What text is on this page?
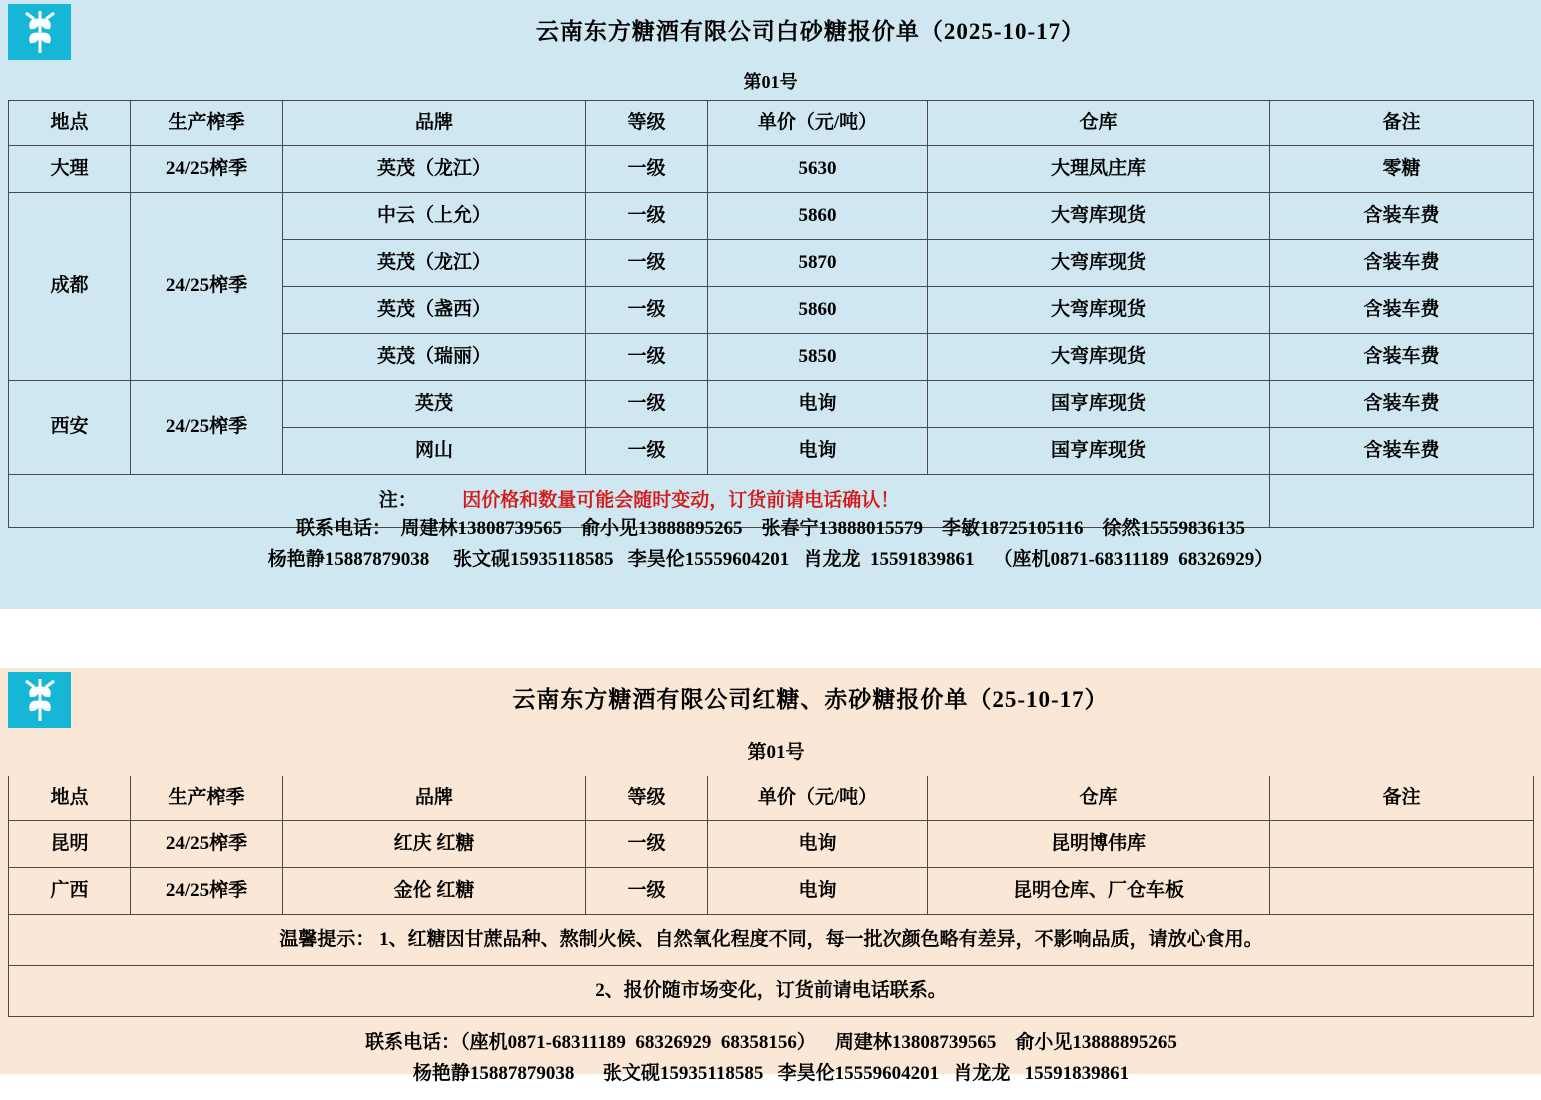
云南东方糖酒有限公司白砂糖报价单（2025-10-17）
第01号
地点	生产榨季	品牌	等级	单价（元/吨）	仓库	备注
大理	24/25榨季	英茂（龙江）	一级	5630	大理凤庄库	零糖
成都	24/25榨季	中云（上允）	一级	5860	大弯库现货	含装车费
		英茂（龙江）	一级	5870	大弯库现货	含装车费
		英茂（盏西）	一级	5860	大弯库现货	含装车费
		英茂（瑞丽）	一级	5850	大弯库现货	含装车费
西安	24/25榨季	英茂	一级	电询	国亨库现货	含装车费
		网山	一级	电询	国亨库现货	含装车费
注： 因价格和数量可能会随时变动，订货前请电话确认！						
联系电话：  周建林13808739565    俞小见13888895265    张春宁13888015579    李敏18725105116    徐然15559836135
杨艳静15887879038     张文砚15935118585   李昊伦15559604201   肖龙龙  15591839861    （座机0871-68311189  68326929）
云南东方糖酒有限公司红糖、赤砂糖报价单（25-10-17）
		第01号				
地点	生产榨季	品牌	等级	单价（元/吨）	仓库	备注
昆明	24/25榨季	红庆 红糖	一级	电询	昆明博伟库	
广西	24/25榨季	金伦 红糖	一级	电询	昆明仓库、厂仓车板	
温馨提示： 1、红糖因甘蔗品种、熬制火候、自然氧化程度不同，每一批次颜色略有差异，不影响品质，请放心食用。						
2、报价随市场变化，订货前请电话联系。						

联系电话：（座机0871-68311189  68326929  68358156）    周建林13808739565    俞小见13888895265
杨艳静15887879038      张文砚15935118585   李昊伦15559604201   肖龙龙   15591839861						
